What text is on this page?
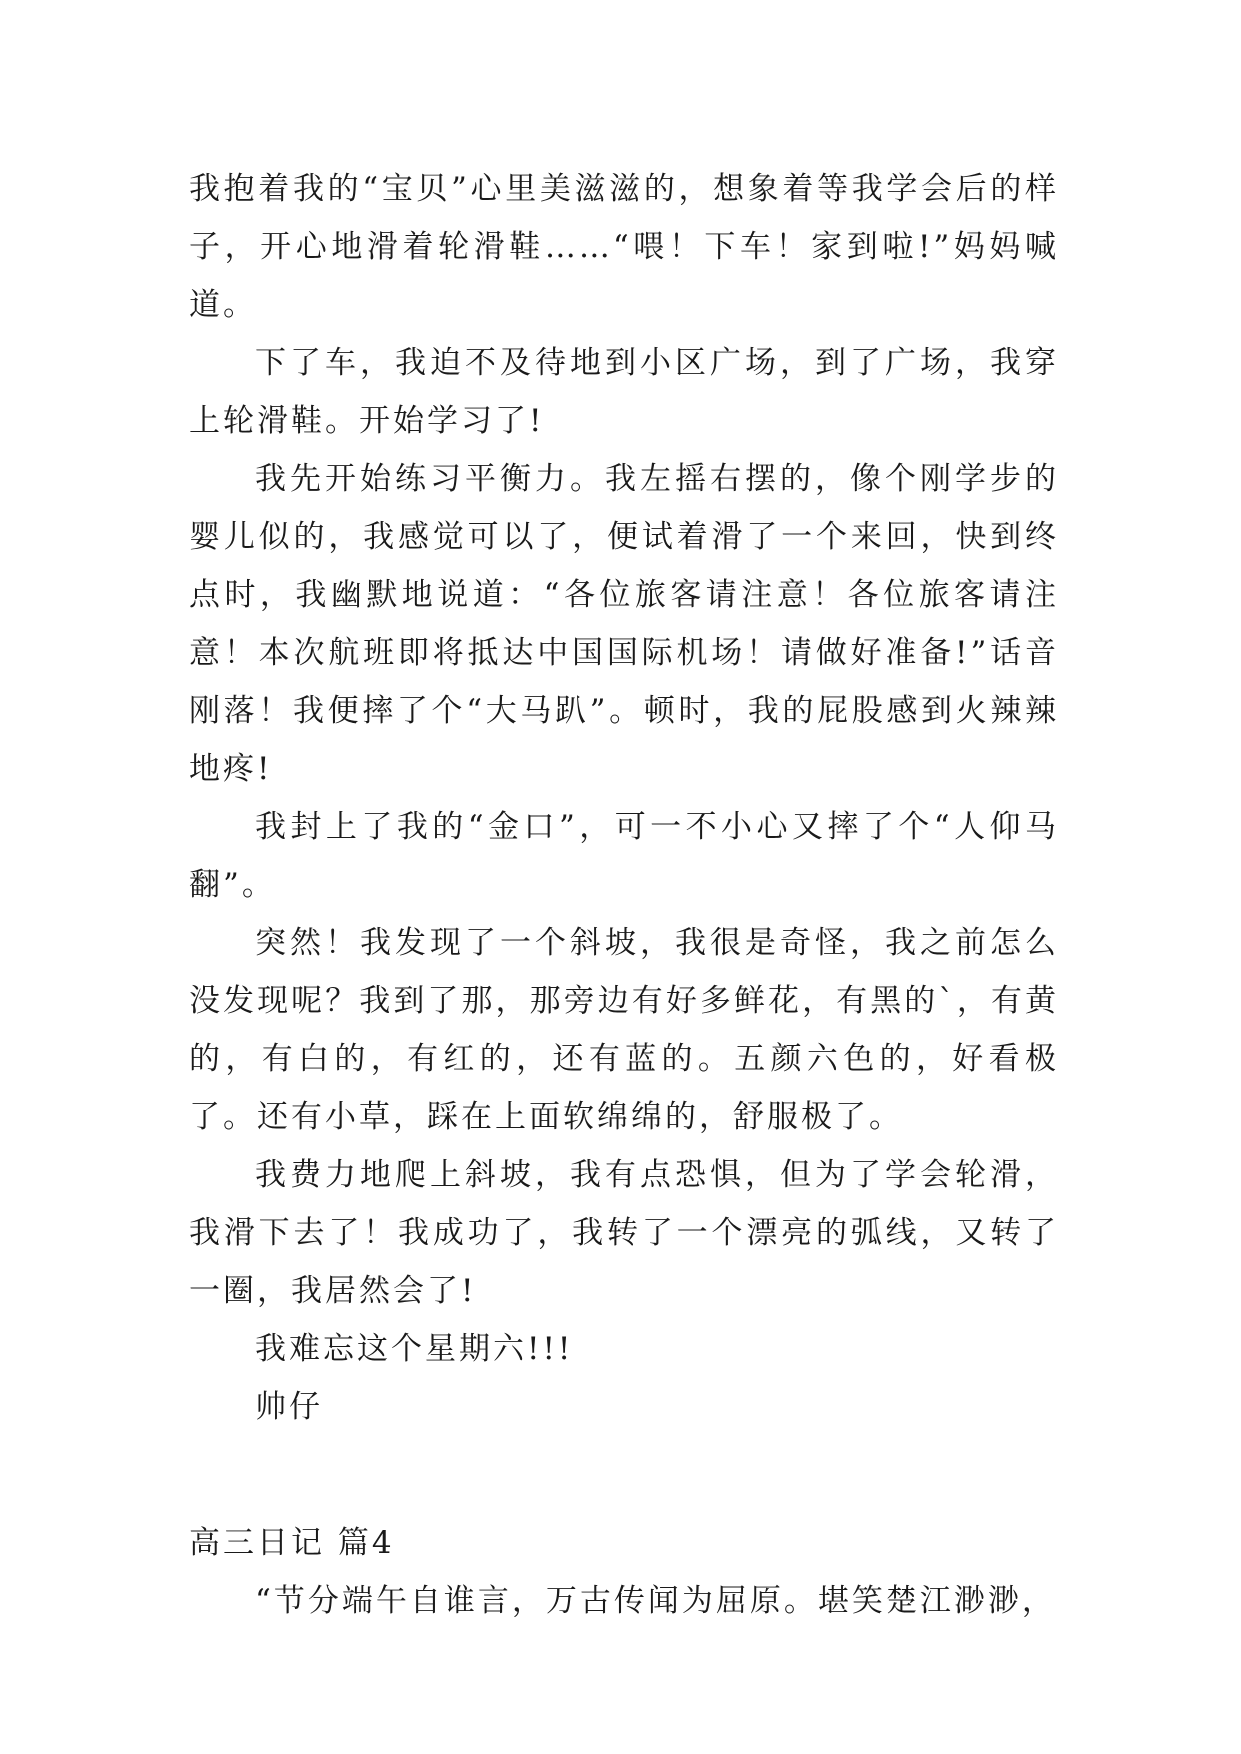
我抱着我的“宝贝”心里美滋滋的，想象着等我学会后的样子，开心地滑着轮滑鞋……“喂！下车！家到啦!”妈妈喊道。

下了车，我迫不及待地到小区广场，到了广场，我穿上轮滑鞋。开始学习了!

我先开始练习平衡力。我左摇右摆的，像个刚学步的婴儿似的，我感觉可以了，便试着滑了一个来回，快到终点时，我幽默地说道：“各位旅客请注意！各位旅客请注意！本次航班即将抵达中国国际机场！请做好准备!”话音刚落！我便摔了个“大马趴”。顿时，我的屁股感到火辣辣地疼!

我封上了我的“金口”，可一不小心又摔了个“人仰马翻”。

突然！我发现了一个斜坡，我很是奇怪，我之前怎么没发现呢？我到了那，那旁边有好多鲜花，有黑的`，有黄的，有白的，有红的，还有蓝的。五颜六色的，好看极了。还有小草，踩在上面软绵绵的，舒服极了。

我费力地爬上斜坡，我有点恐惧，但为了学会轮滑，我滑下去了！我成功了，我转了一个漂亮的弧线，又转了一圈，我居然会了!

我难忘这个星期六!!!

帅仔

高三日记 篇4

“节分端午自谁言，万古传闻为屈原。堪笑楚江渺渺，
